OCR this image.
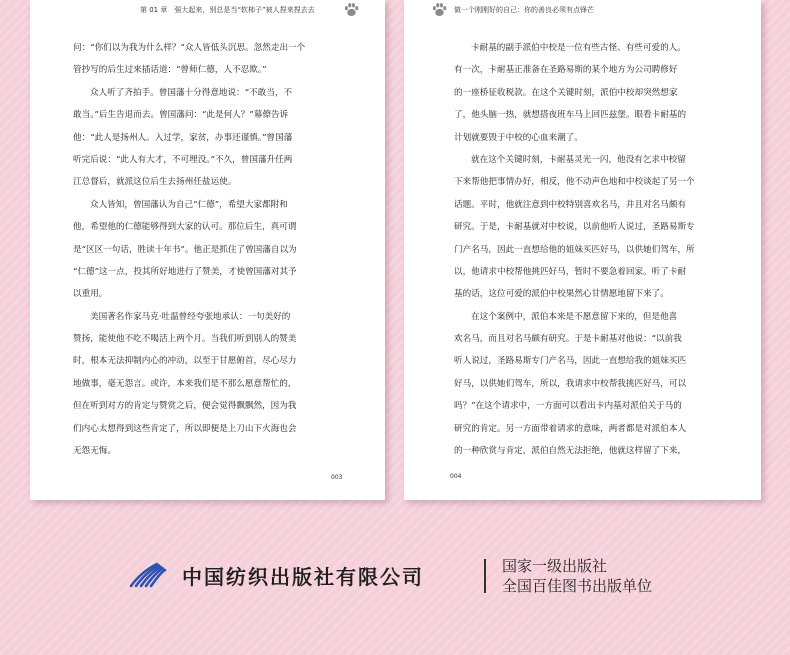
第 01 章　强大起来，别总是当“软柿子”被人捏来捏去去
问：“你们以为我为什么样？”众人皆低头沉思。忽然走出一个
管抄写的后生过来插话道：“曾师仁德，人不忍欺。”
众人听了齐拍手。曾国藩十分得意地说：“不敢当，不
敢当。”后生告退而去。曾国藩问：“此是何人？”幕僚告诉
他：“此人是扬州人。入过学，家贫，办事还谨慎。”曾国藩
听完后说：“此人有大才，不可埋没。”不久，曾国藩升任两
江总督后，就派这位后生去扬州任盐运使。
众人皆知，曾国藩认为自己“仁德”，希望大家都附和
他，希望他的仁德能够得到大家的认可。那位后生，真可谓
是“区区一句话，胜读十年书”。他正是抓住了曾国藩自以为
“仁德”这一点，投其所好地进行了赞美，才使曾国藩对其予
以重用。
美国著名作家马克·吐温曾经夸张地承认：一句美好的
赞扬，能使他不吃不喝活上两个月。当我们听到别人的赞美
时，根本无法抑制内心的冲动，以至于甘愿俯首，尽心尽力
地做事，毫无怨言。或许，本来我们是不那么愿意帮忙的，
但在听到对方的肯定与赞赏之后，便会觉得飘飘然，因为我
们内心太想得到这些肯定了，所以即便是上刀山下火海也会
无怨无悔。
003
做一个刚刚好的自己：你的善良必须有点锋芒
卡耐基的副手派伯中校是一位有些古怪、有些可爱的人。
有一次，卡耐基正准备在圣路易斯的某个地方为公司聘修好
的一座桥征收税款。在这个关键时刻，派伯中校却突然想家
了，他头脑一热，就想搭夜班车马上回匹兹堡。眼看卡耐基的
计划就要毁于中校的心血来潮了。
就在这个关键时刻，卡耐基灵光一闪，他没有乞求中校留
下来帮他把事情办好，相反，他不动声色地和中校谈起了另一个
话题。平时，他就注意到中校特别喜欢名马，并且对名马颇有
研究。于是，卡耐基就对中校说，以前他听人说过，圣路易斯专
门产名马，因此一直想给他的姐妹买匹好马，以供她们驾车，所
以，他请求中校帮他挑匹好马，暂时不要急着回家。听了卡耐
基的话，这位可爱的派伯中校果然心甘情愿地留下来了。
在这个案例中，派伯本来是不愿意留下来的，但是他喜
欢名马，而且对名马颇有研究。于是卡耐基对他说：“以前我
听人说过，圣路易斯专门产名马，因此一直想给我的姐妹买匹
好马，以供她们驾车，所以，我请求中校帮我挑匹好马，可以
吗？”在这个请求中，一方面可以看出卡内基对派伯关于马的
研究的肯定。另一方面带着请求的意味，两者都是对派伯本人
的一种欣赏与肯定，派伯自然无法拒绝，他就这样留了下来，
004
中国纺织出版社有限公司	国家一级出版社
全国百佳图书出版单位
